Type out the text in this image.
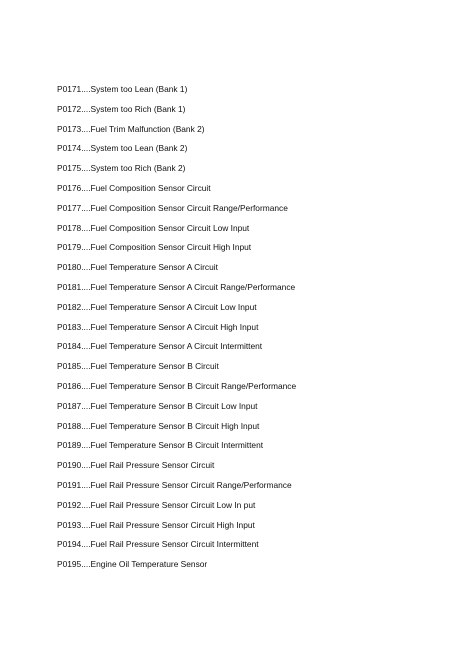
P0171....System too Lean (Bank 1)
P0172....System too Rich (Bank 1)
P0173....Fuel Trim Malfunction (Bank 2)
P0174....System too Lean (Bank 2)
P0175....System too Rich (Bank 2)
P0176....Fuel Composition Sensor Circuit
P0177....Fuel Composition Sensor Circuit Range/Performance
P0178....Fuel Composition Sensor Circuit Low Input
P0179....Fuel Composition Sensor Circuit High Input
P0180....Fuel Temperature Sensor A Circuit
P0181....Fuel Temperature Sensor A Circuit Range/Performance
P0182....Fuel Temperature Sensor A Circuit Low Input
P0183....Fuel Temperature Sensor A Circuit High Input
P0184....Fuel Temperature Sensor A Circuit Intermittent
P0185....Fuel Temperature Sensor B Circuit
P0186....Fuel Temperature Sensor B Circuit Range/Performance
P0187....Fuel Temperature Sensor B Circuit Low Input
P0188....Fuel Temperature Sensor B Circuit High Input
P0189....Fuel Temperature Sensor B Circuit Intermittent
P0190....Fuel Rail Pressure Sensor Circuit
P0191....Fuel Rail Pressure Sensor Circuit Range/Performance
P0192....Fuel Rail Pressure Sensor Circuit Low In put
P0193....Fuel Rail Pressure Sensor Circuit High Input
P0194....Fuel Rail Pressure Sensor Circuit Intermittent
P0195....Engine Oil Temperature Sensor
